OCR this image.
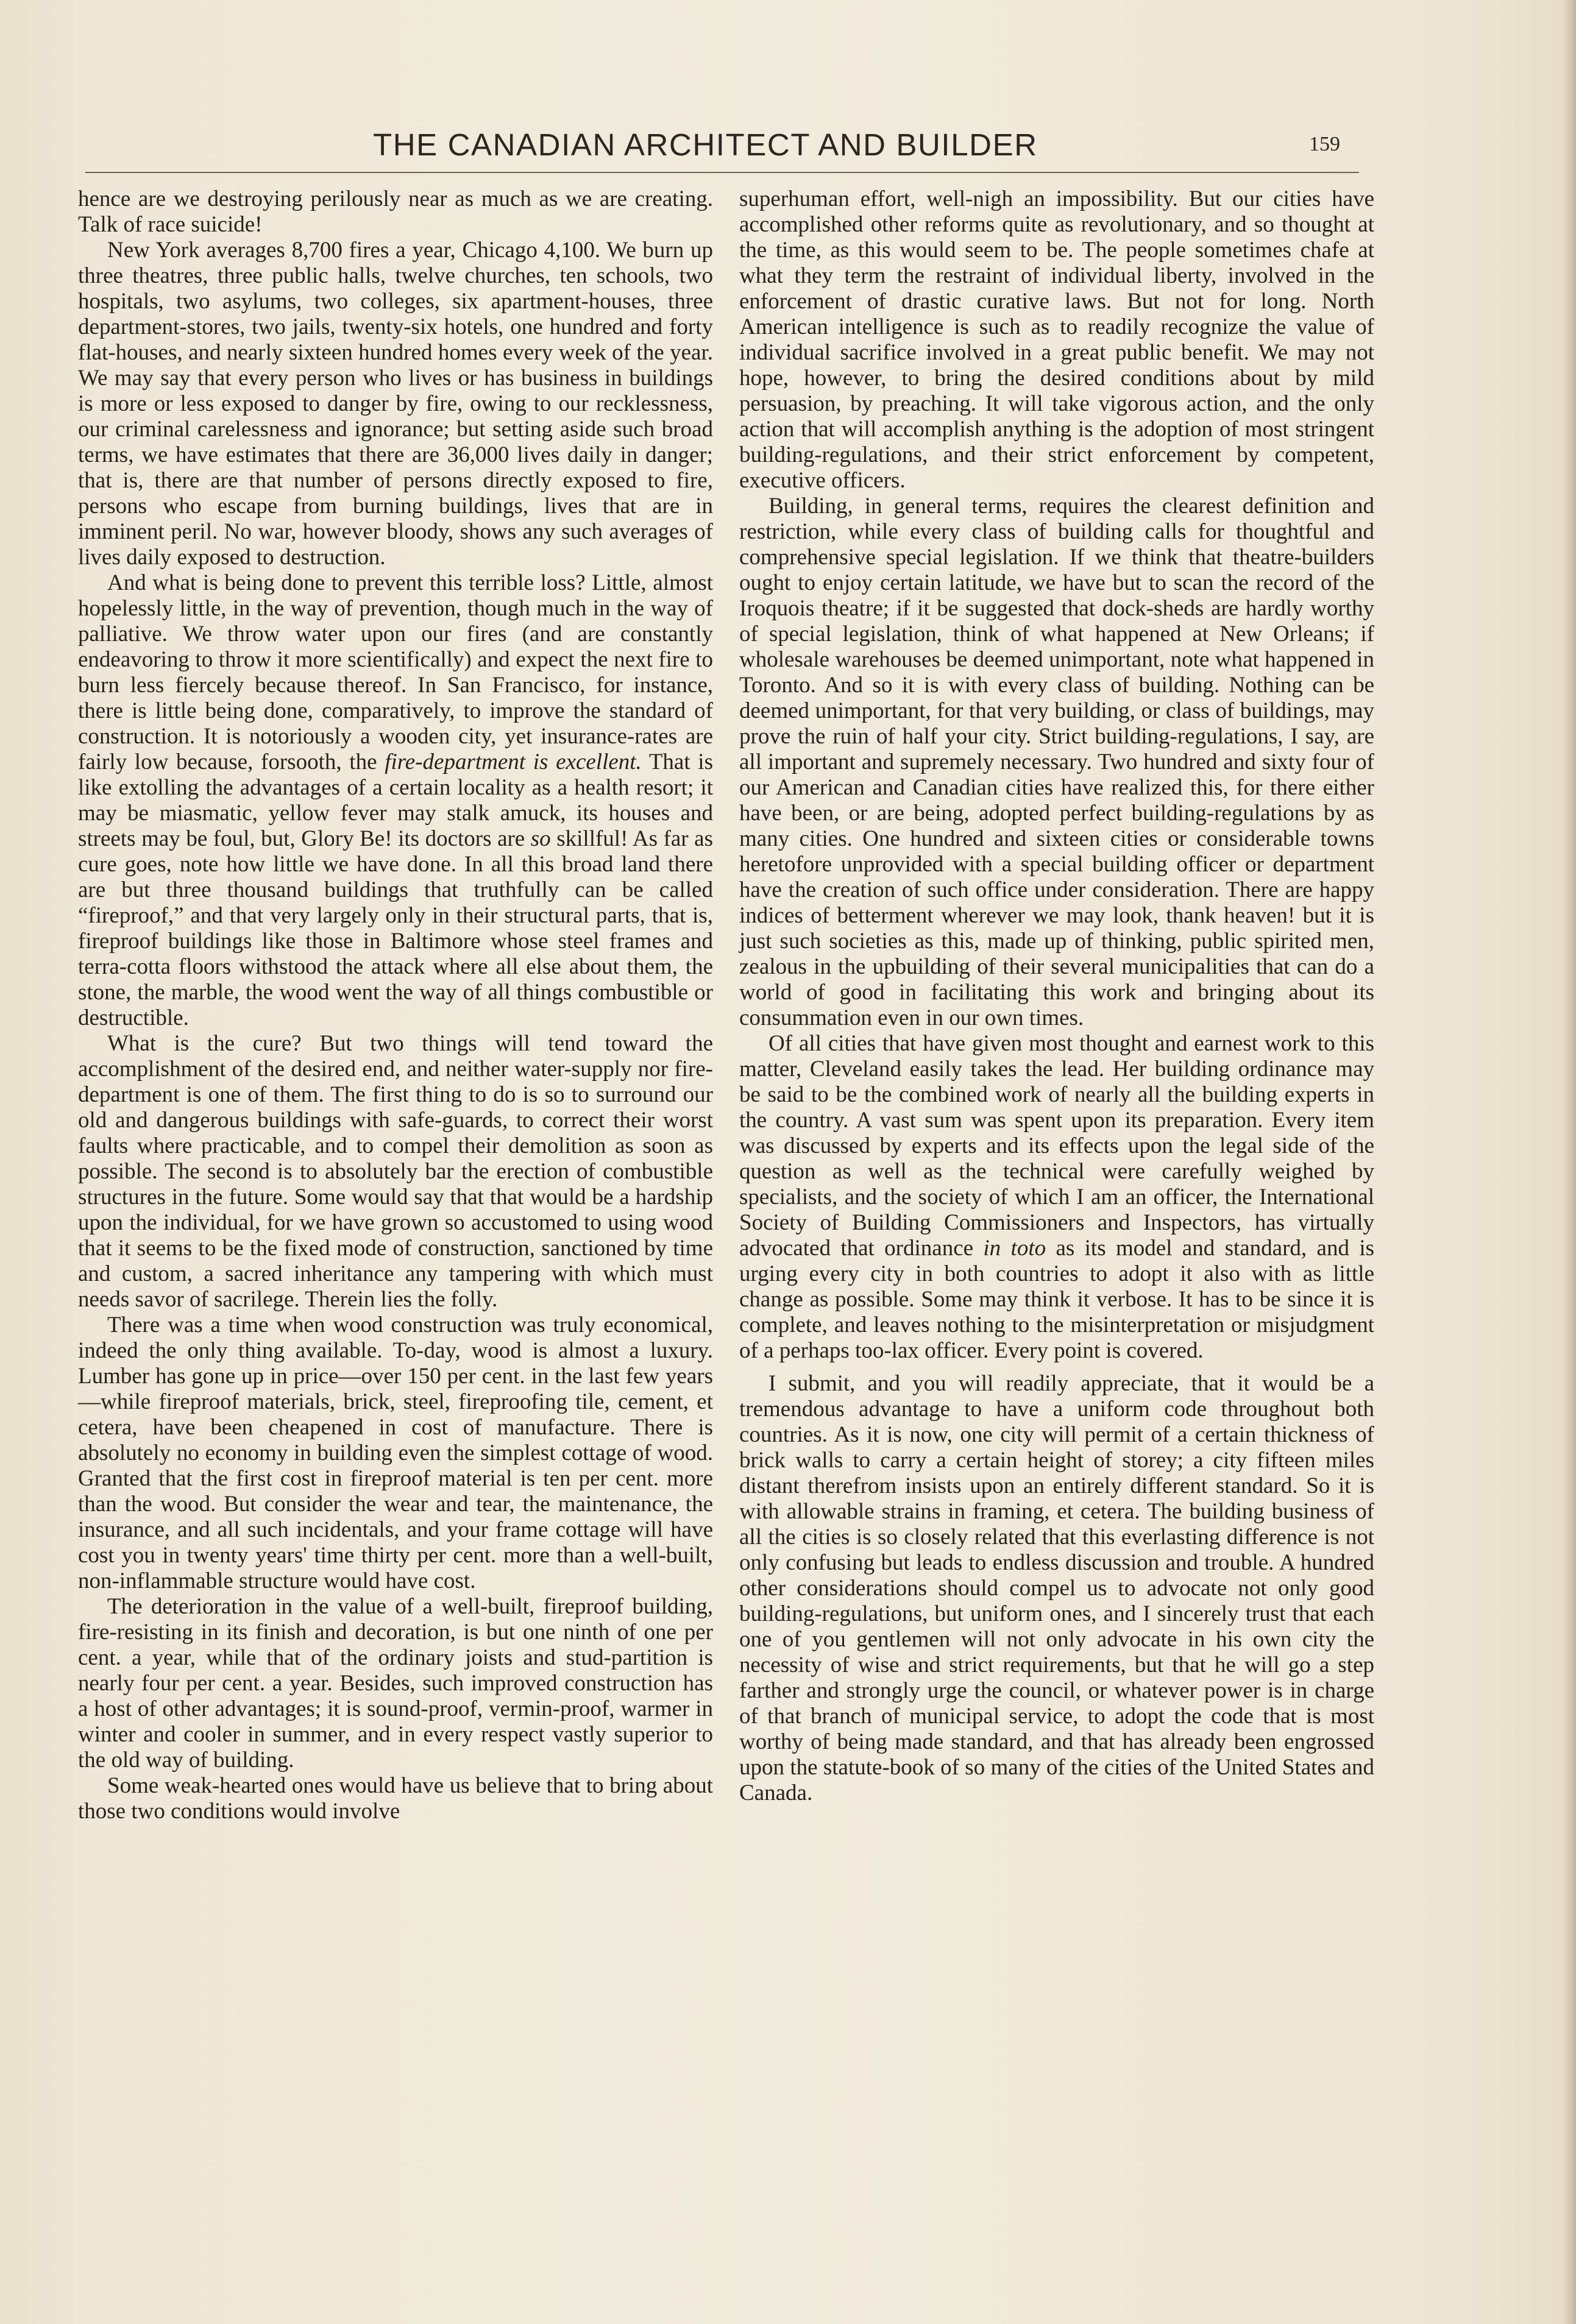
THE CANADIAN ARCHITECT AND BUILDER	159

hence are we destroying perilously near as much as we are creating. Talk of race suicide!

New York averages 8,700 fires a year, Chicago 4,100. We burn up three theatres, three public halls, twelve churches, ten schools, two hospitals, two asylums, two colleges, six apartment-houses, three department-stores, two jails, twenty-six hotels, one hundred and forty flat-houses, and nearly sixteen hundred homes every week of the year. We may say that every person who lives or has business in buildings is more or less exposed to danger by fire, owing to our recklessness, our criminal carelessness and ignorance; but setting aside such broad terms, we have estimates that there are 36,000 lives daily in danger; that is, there are that number of persons directly exposed to fire, persons who escape from burning buildings, lives that are in imminent peril. No war, however bloody, shows any such averages of lives daily exposed to destruction.

And what is being done to prevent this terrible loss? Little, almost hopelessly little, in the way of prevention, though much in the way of palliative. We throw water upon our fires (and are constantly endeavoring to throw it more scientifically) and expect the next fire to burn less fiercely because thereof. In San Francisco, for instance, there is little being done, comparatively, to improve the standard of construction. It is notoriously a wooden city, yet insurance-rates are fairly low because, forsooth, the fire-department is excellent. That is like extolling the advantages of a certain locality as a health resort; it may be miasmatic, yellow fever may stalk amuck, its houses and streets may be foul, but, Glory Be! its doctors are so skillful! As far as cure goes, note how little we have done. In all this broad land there are but three thousand buildings that truthfully can be called “fireproof,” and that very largely only in their structural parts, that is, fireproof buildings like those in Baltimore whose steel frames and terra-cotta floors withstood the attack where all else about them, the stone, the marble, the wood went the way of all things combustible or destructible.

What is the cure? But two things will tend toward the accomplishment of the desired end, and neither water-supply nor fire-department is one of them. The first thing to do is so to surround our old and dangerous buildings with safe-guards, to correct their worst faults where practicable, and to compel their demolition as soon as possible. The second is to absolutely bar the erection of combustible structures in the future. Some would say that that would be a hardship upon the individual, for we have grown so accustomed to using wood that it seems to be the fixed mode of construction, sanctioned by time and custom, a sacred inheritance any tampering with which must needs savor of sacrilege. Therein lies the folly.

There was a time when wood construction was truly economical, indeed the only thing available. To-day, wood is almost a luxury. Lumber has gone up in price—over 150 per cent. in the last few years—while fireproof materials, brick, steel, fireproofing tile, cement, et cetera, have been cheapened in cost of manufacture. There is absolutely no economy in building even the simplest cottage of wood. Granted that the first cost in fireproof material is ten per cent. more than the wood. But consider the wear and tear, the maintenance, the insurance, and all such incidentals, and your frame cottage will have cost you in twenty years' time thirty per cent. more than a well-built, non-inflammable structure would have cost.

The deterioration in the value of a well-built, fireproof building, fire-resisting in its finish and decoration, is but one ninth of one per cent. a year, while that of the ordinary joists and stud-partition is nearly four per cent. a year. Besides, such improved construction has a host of other advantages; it is sound-proof, vermin-proof, warmer in winter and cooler in summer, and in every respect vastly superior to the old way of building.

Some weak-hearted ones would have us believe that to bring about those two conditions would involve

superhuman effort, well-nigh an impossibility. But our cities have accomplished other reforms quite as revolutionary, and so thought at the time, as this would seem to be. The people sometimes chafe at what they term the restraint of individual liberty, involved in the enforcement of drastic curative laws. But not for long. North American intelligence is such as to readily recognize the value of individual sacrifice involved in a great public benefit. We may not hope, however, to bring the desired conditions about by mild persuasion, by preaching. It will take vigorous action, and the only action that will accomplish anything is the adoption of most stringent building-regulations, and their strict enforcement by competent, executive officers.

Building, in general terms, requires the clearest definition and restriction, while every class of building calls for thoughtful and comprehensive special legislation. If we think that theatre-builders ought to enjoy certain latitude, we have but to scan the record of the Iroquois theatre; if it be suggested that dock-sheds are hardly worthy of special legislation, think of what happened at New Orleans; if wholesale warehouses be deemed unimportant, note what happened in Toronto. And so it is with every class of building. Nothing can be deemed unimportant, for that very building, or class of buildings, may prove the ruin of half your city. Strict building-regulations, I say, are all important and supremely necessary. Two hundred and sixty four of our American and Canadian cities have realized this, for there either have been, or are being, adopted perfect building-regulations by as many cities. One hundred and sixteen cities or considerable towns heretofore unprovided with a special building officer or department have the creation of such office under consideration. There are happy indices of betterment wherever we may look, thank heaven! but it is just such societies as this, made up of thinking, public spirited men, zealous in the upbuilding of their several municipalities that can do a world of good in facilitating this work and bringing about its consummation even in our own times.

Of all cities that have given most thought and earnest work to this matter, Cleveland easily takes the lead. Her building ordinance may be said to be the combined work of nearly all the building experts in the country. A vast sum was spent upon its preparation. Every item was discussed by experts and its effects upon the legal side of the question as well as the technical were carefully weighed by specialists, and the society of which I am an officer, the International Society of Building Commissioners and Inspectors, has virtually advocated that ordinance in toto as its model and standard, and is urging every city in both countries to adopt it also with as little change as possible. Some may think it verbose. It has to be since it is complete, and leaves nothing to the misinterpretation or misjudgment of a perhaps too-lax officer. Every point is covered.

I submit, and you will readily appreciate, that it would be a tremendous advantage to have a uniform code throughout both countries. As it is now, one city will permit of a certain thickness of brick walls to carry a certain height of storey; a city fifteen miles distant therefrom insists upon an entirely different standard. So it is with allowable strains in framing, et cetera. The building business of all the cities is so closely related that this everlasting difference is not only confusing but leads to endless discussion and trouble. A hundred other considerations should compel us to advocate not only good building-regulations, but uniform ones, and I sincerely trust that each one of you gentlemen will not only advocate in his own city the necessity of wise and strict requirements, but that he will go a step farther and strongly urge the council, or whatever power is in charge of that branch of municipal service, to adopt the code that is most worthy of being made standard, and that has already been engrossed upon the statute-book of so many of the cities of the United States and Canada.
